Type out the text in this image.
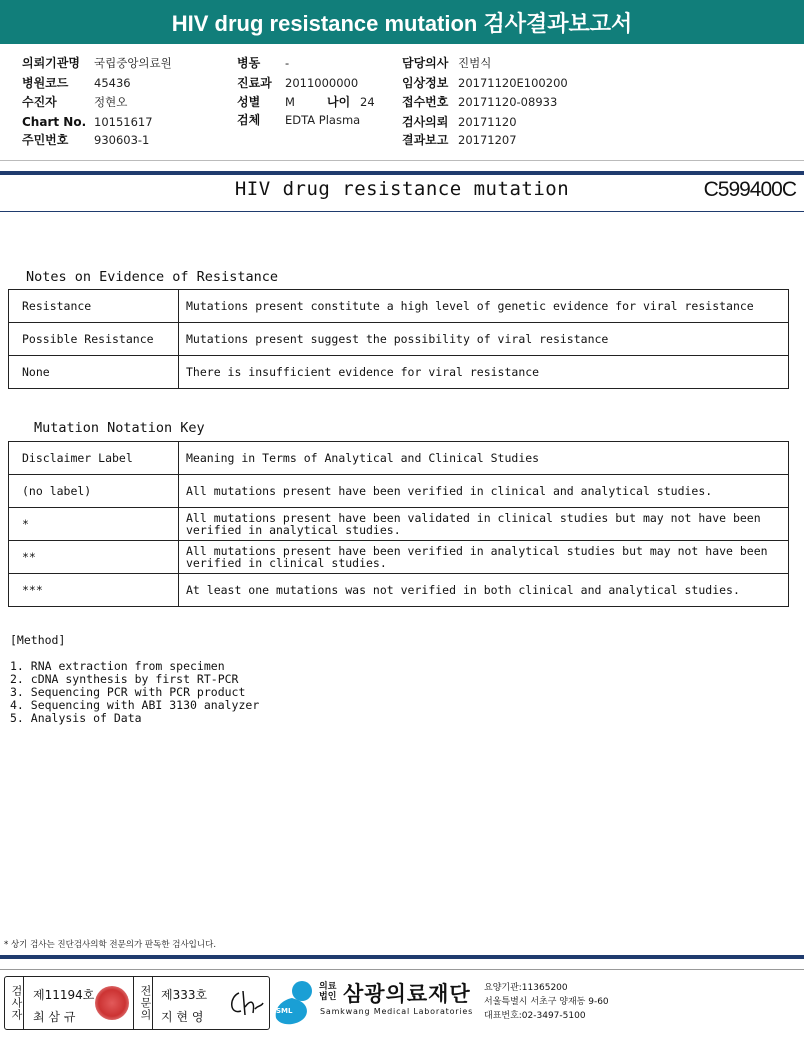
HIV drug resistance mutation 검사결과보고서
의뢰기관명 국립중앙의료원
병원코드 45436
수진자	정현오
Chart No. 10151617
주민번호 930603-1
병동 -
진료과 2011000000
성별 M	나이 24
검체 EDTA Plasma
담당의사 진범식
임상정보 20171120E100200
접수번호 20171120-08933
검사의뢰 20171120
결과보고 20171207
HIV drug resistance mutation	C599400C
Notes on Evidence of Resistance
Resistance	Mutations present constitute a high level of genetic evidence for viral resistance
Possible Resistance	Mutations present suggest the possibility of viral resistance
None	There is insufficient evidence for viral resistance
Mutation Notation Key
Disclaimer Label	Meaning in Terms of Analytical and Clinical Studies
(no label)	All mutations present have been verified in clinical and analytical studies.
*	All mutations present have been validated in clinical studies but may not have been verified in analytical studies.
**	All mutations present have been verified in analytical studies but may not have been verified in clinical studies.
***	At least one mutations was not verified in both clinical and analytical studies.
[Method]
1. RNA extraction from specimen
2. cDNA synthesis by first RT-PCR
3. Sequencing PCR with PCR product
4. Sequencing with ABI 3130 analyzer
5. Analysis of Data
* 상기 검사는 진단검사의학 전문의가 판독한 검사입니다.
검사자 제11194호
최 삼 규	전문의 제333호
지 현 영	SML
의료
법인 삼광의료재단
Samkwang Medical Laboratories
요양기관:11365200
서울특별시 서초구 양재동 9-60
대표번호:02-3497-5100
